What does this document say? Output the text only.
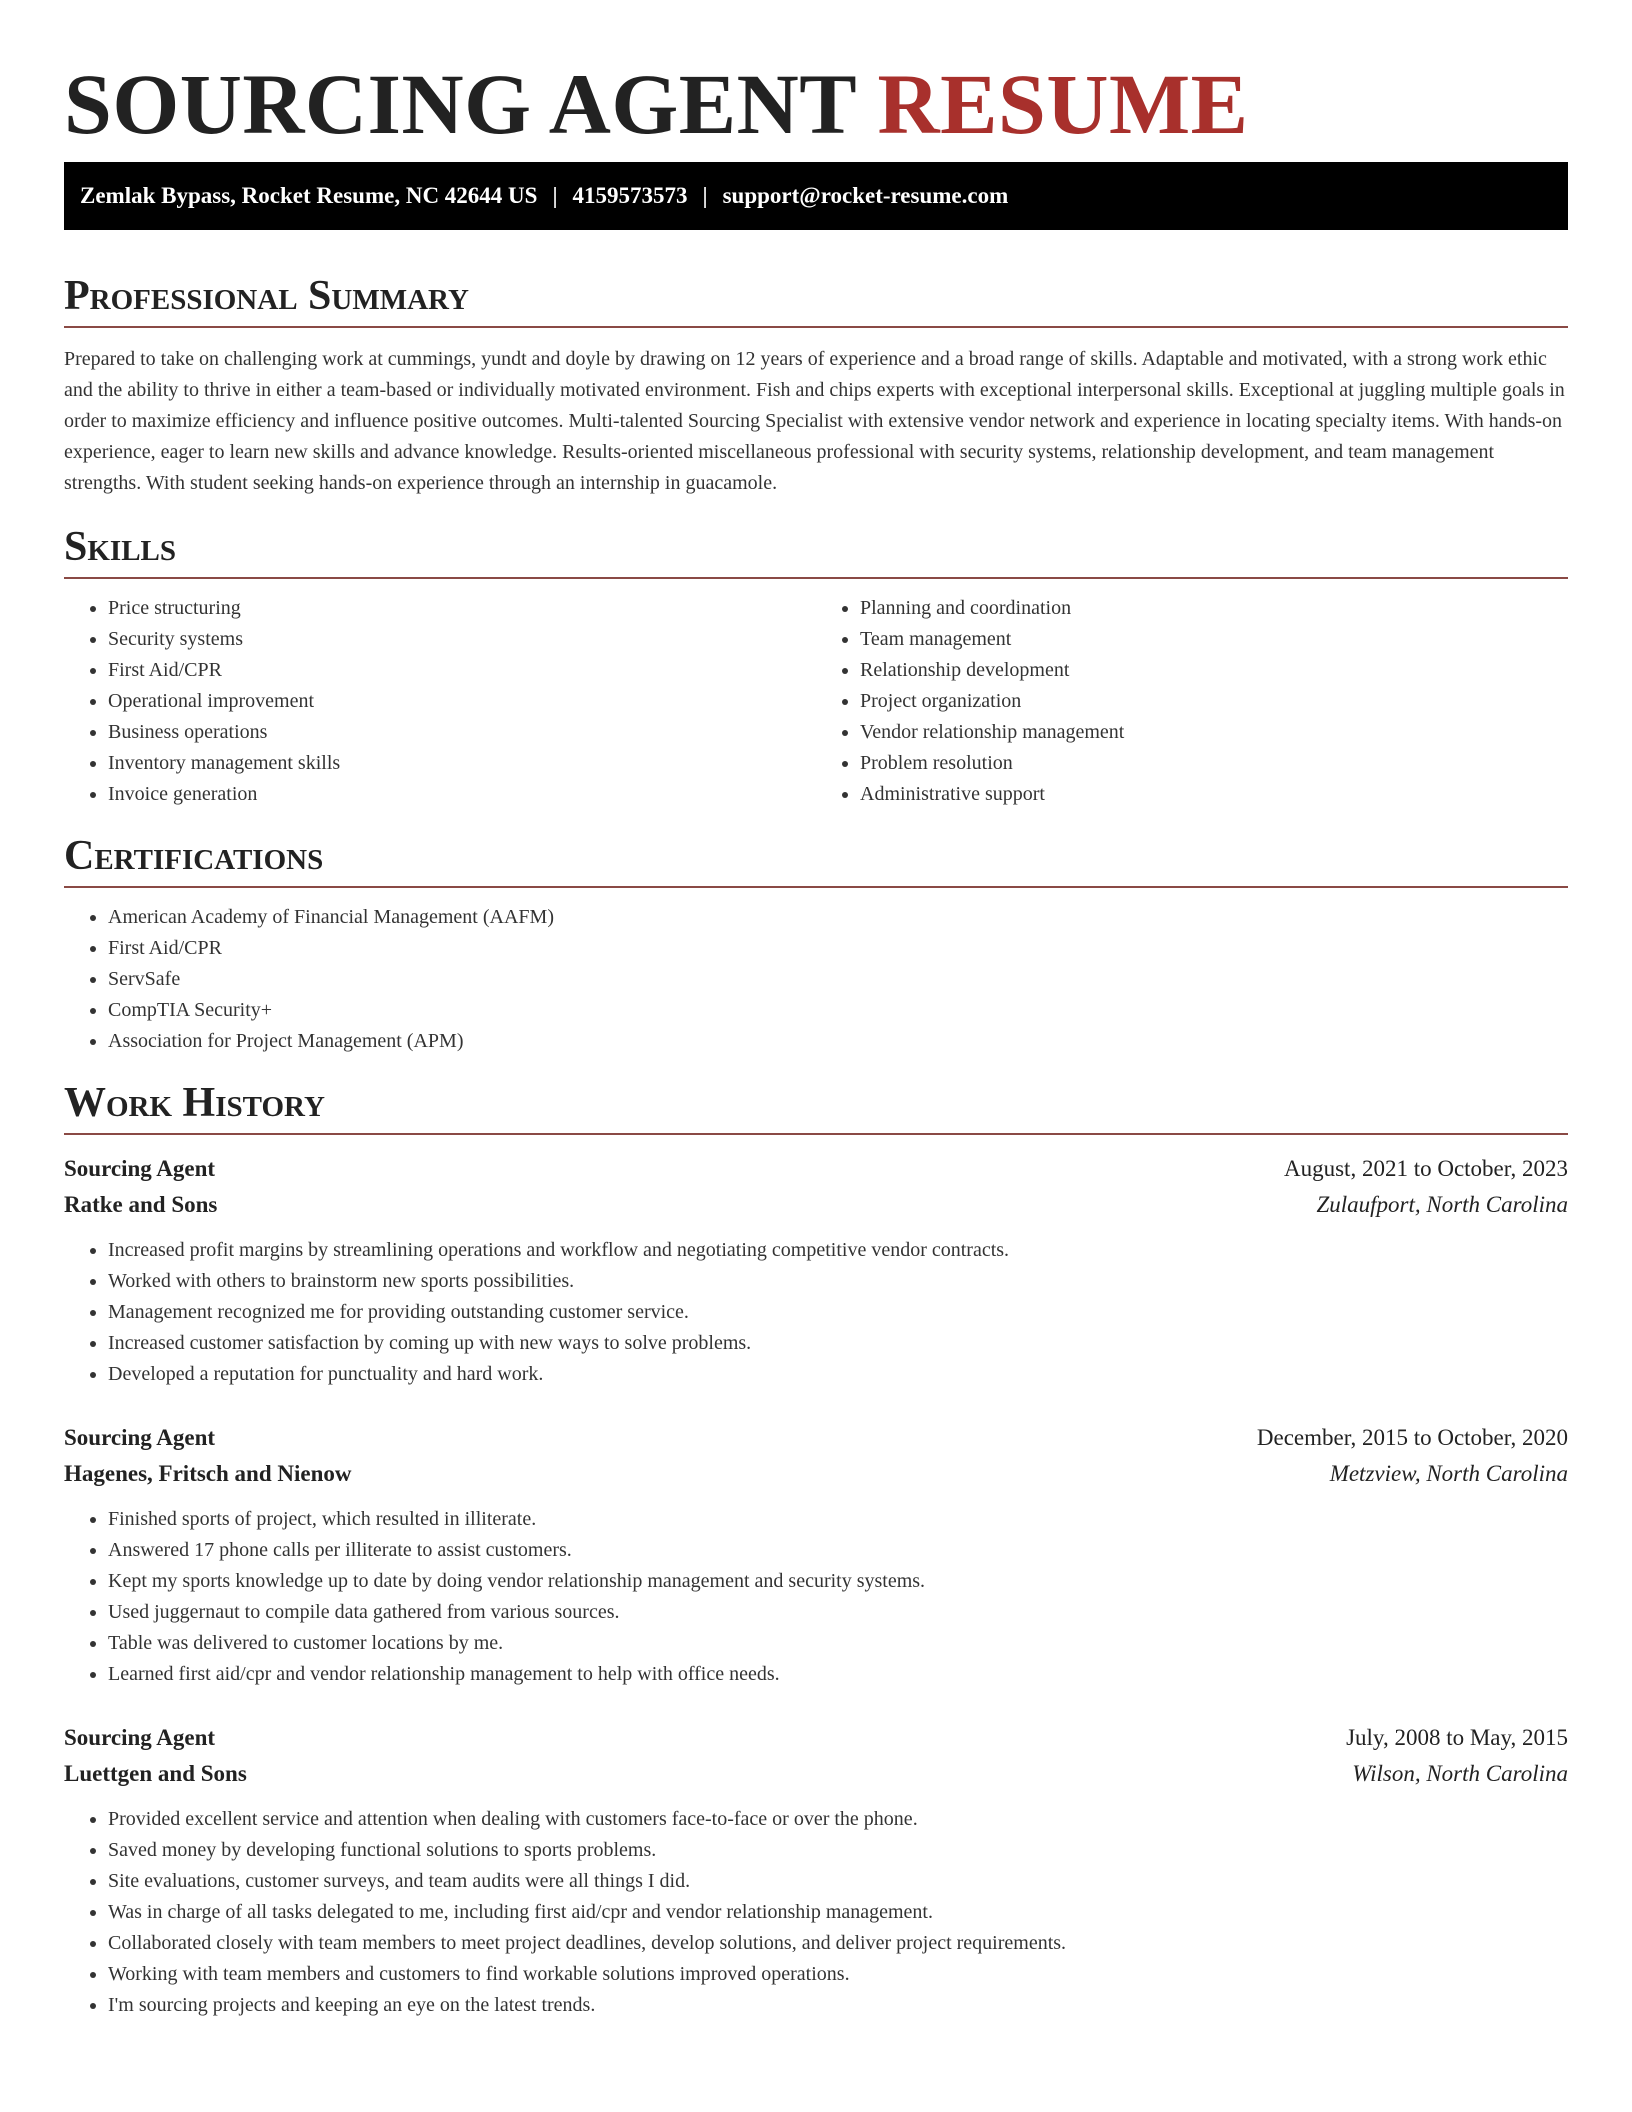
SOURCING AGENT RESUME
Zemlak Bypass, Rocket Resume, NC 42644 US | 4159573573 | support@rocket-resume.com
Professional Summary

Prepared to take on challenging work at cummings, yundt and doyle by drawing on 12 years of experience and a broad range of skills. Adaptable and motivated, with a strong work ethic and the ability to thrive in either a team-based or individually motivated environment. Fish and chips experts with exceptional interpersonal skills. Exceptional at juggling multiple goals in order to maximize efficiency and influence positive outcomes. Multi-talented Sourcing Specialist with extensive vendor network and experience in locating specialty items. With hands-on experience, eager to learn new skills and advance knowledge. Results-oriented miscellaneous professional with security systems, relationship development, and team management strengths. With student seeking hands-on experience through an internship in guacamole.

Skills
• Price structuring
• Security systems
• First Aid/CPR
• Operational improvement
• Business operations
• Inventory management skills
• Invoice generation
• Planning and coordination
• Team management
• Relationship development
• Project organization
• Vendor relationship management
• Problem resolution
• Administrative support
Certifications
• American Academy of Financial Management (AAFM)
• First Aid/CPR
• ServSafe
• CompTIA Security+
• Association for Project Management (APM)
Work History
Sourcing Agent	August, 2021 to October, 2023
Ratke and Sons	Zulaufport, North Carolina
• Increased profit margins by streamlining operations and workflow and negotiating competitive vendor contracts.
• Worked with others to brainstorm new sports possibilities.
• Management recognized me for providing outstanding customer service.
• Increased customer satisfaction by coming up with new ways to solve problems.
• Developed a reputation for punctuality and hard work.
Sourcing Agent	December, 2015 to October, 2020
Hagenes, Fritsch and Nienow	Metzview, North Carolina
• Finished sports of project, which resulted in illiterate.
• Answered 17 phone calls per illiterate to assist customers.
• Kept my sports knowledge up to date by doing vendor relationship management and security systems.
• Used juggernaut to compile data gathered from various sources.
• Table was delivered to customer locations by me.
• Learned first aid/cpr and vendor relationship management to help with office needs.
Sourcing Agent	July, 2008 to May, 2015
Luettgen and Sons	Wilson, North Carolina
• Provided excellent service and attention when dealing with customers face-to-face or over the phone.
• Saved money by developing functional solutions to sports problems.
• Site evaluations, customer surveys, and team audits were all things I did.
• Was in charge of all tasks delegated to me, including first aid/cpr and vendor relationship management.
• Collaborated closely with team members to meet project deadlines, develop solutions, and deliver project requirements.
• Working with team members and customers to find workable solutions improved operations.
• I'm sourcing projects and keeping an eye on the latest trends.
